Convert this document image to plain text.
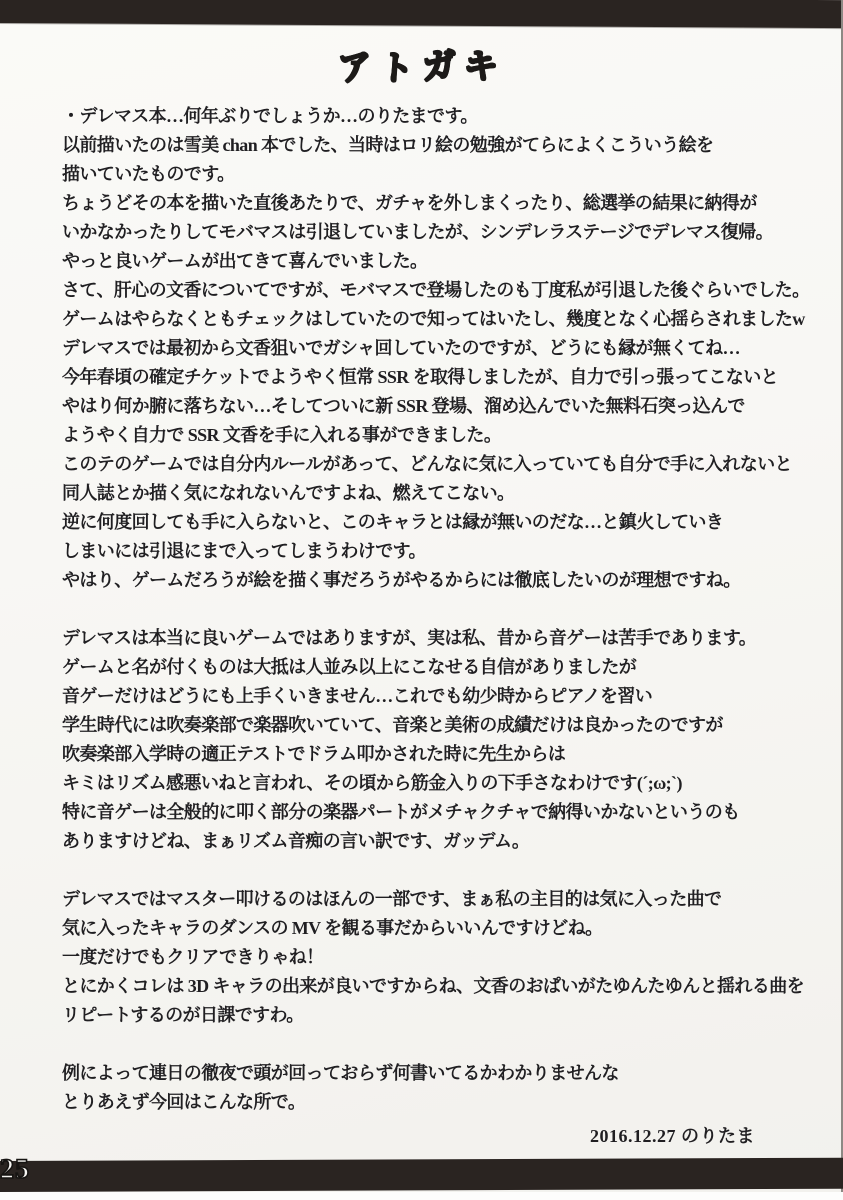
アトガキ
・デレマス本…何年ぶりでしょうか…のりたまです。
以前描いたのは雪美 chan 本でした、当時はロリ絵の勉強がてらによくこういう絵を
描いていたものです。
ちょうどその本を描いた直後あたりで、ガチャを外しまくったり、総選挙の結果に納得が
いかなかったりしてモバマスは引退していましたが、シンデレラステージでデレマス復帰。
やっと良いゲームが出てきて喜んでいました。
さて、肝心の文香についてですが、モバマスで登場したのも丁度私が引退した後ぐらいでした。
ゲームはやらなくともチェックはしていたので知ってはいたし、幾度となく心揺らされましたw
デレマスでは最初から文香狙いでガシャ回していたのですが、どうにも縁が無くてね…
今年春頃の確定チケットでようやく恒常 SSR を取得しましたが、自力で引っ張ってこないと
やはり何か腑に落ちない…そしてついに新 SSR 登場、溜め込んでいた無料石突っ込んで
ようやく自力で SSR 文香を手に入れる事ができました。
このテのゲームでは自分内ルールがあって、どんなに気に入っていても自分で手に入れないと
同人誌とか描く気になれないんですよね、燃えてこない。
逆に何度回しても手に入らないと、このキャラとは縁が無いのだな…と鎮火していき
しまいには引退にまで入ってしまうわけです。
やはり、ゲームだろうが絵を描く事だろうがやるからには徹底したいのが理想ですね。
デレマスは本当に良いゲームではありますが、実は私、昔から音ゲーは苦手であります。
ゲームと名が付くものは大抵は人並み以上にこなせる自信がありましたが
音ゲーだけはどうにも上手くいきません…これでも幼少時からピアノを習い
学生時代には吹奏楽部で楽器吹いていて、音楽と美術の成績だけは良かったのですが
吹奏楽部入学時の適正テストでドラム叩かされた時に先生からは
キミはリズム感悪いねと言われ、その頃から筋金入りの下手さなわけです(´;ω;`)
特に音ゲーは全般的に叩く部分の楽器パートがメチャクチャで納得いかないというのも
ありますけどね、まぁリズム音痴の言い訳です、ガッデム。
デレマスではマスター叩けるのはほんの一部です、まぁ私の主目的は気に入った曲で
気に入ったキャラのダンスの MV を観る事だからいいんですけどね。
一度だけでもクリアできりゃね！
とにかくコレは 3D キャラの出来が良いですからね、文香のおぱいがたゆんたゆんと揺れる曲を
リピートするのが日課ですわ。
例によって連日の徹夜で頭が回っておらず何書いてるかわかりませんな
とりあえず今回はこんな所で。
2016.12.27 のりたま
25
